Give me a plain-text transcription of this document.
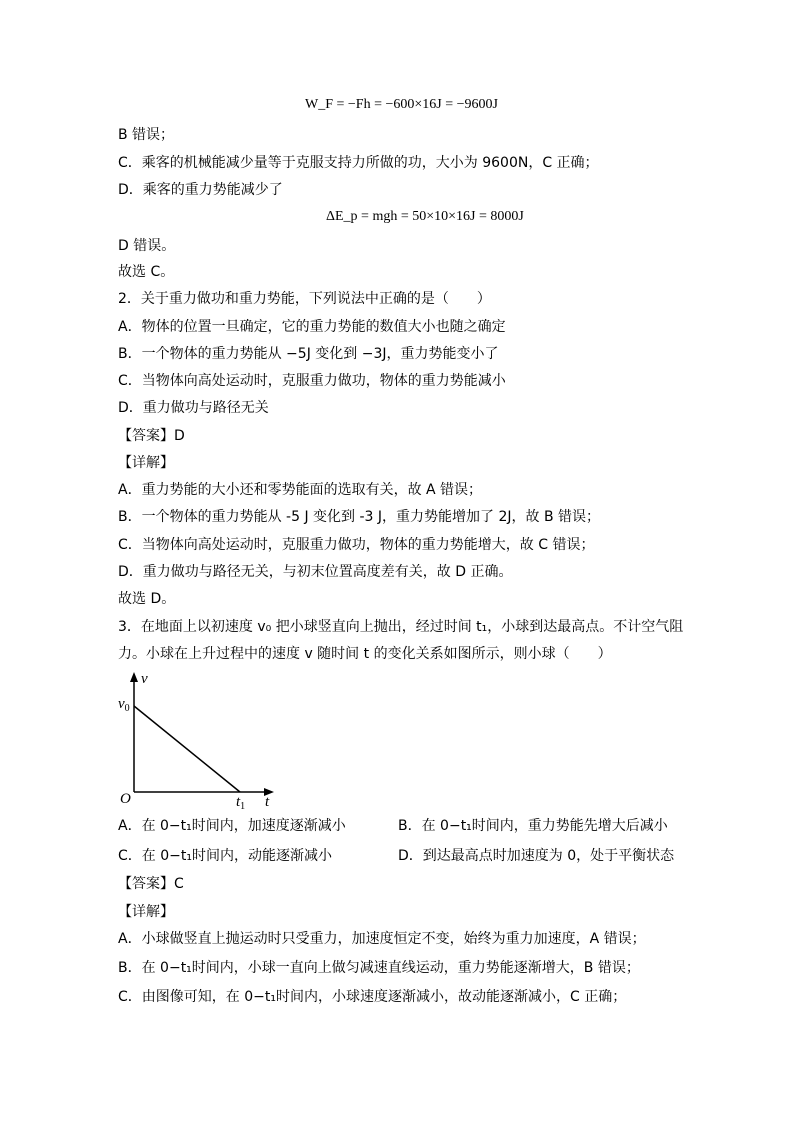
W_F = −Fh = −600×16J = −9600J
B 错误；
C．乘客的机械能减少量等于克服支持力所做的功，大小为 9600N，C 正确；
D．乘客的重力势能减少了
ΔE_p = mgh = 50×10×16J = 8000J
D 错误。
故选 C。
2．关于重力做功和重力势能，下列说法中正确的是（　　）
A．物体的位置一旦确定，它的重力势能的数值大小也随之确定
B．一个物体的重力势能从 −5J 变化到 −3J，重力势能变小了
C．当物体向高处运动时，克服重力做功，物体的重力势能减小
D．重力做功与路径无关
【答案】D
【详解】
A．重力势能的大小还和零势能面的选取有关，故 A 错误；
B．一个物体的重力势能从 -5 J 变化到 -3 J，重力势能增加了 2J，故 B 错误；
C．当物体向高处运动时，克服重力做功，物体的重力势能增大，故 C 错误；
D．重力做功与路径无关，与初末位置高度差有关，故 D 正确。
故选 D。
3．在地面上以初速度 v₀ 把小球竖直向上抛出，经过时间 t₁，小球到达最高点。不计空气阻
力。小球在上升过程中的速度 v 随时间 t 的变化关系如图所示，则小球（　　）
v
$v_0$
O	$t_1$ t
A．在 0−t₁时间内，加速度逐渐减小	B．在 0−t₁时间内，重力势能先增大后减小
C．在 0−t₁时间内，动能逐渐减小	D．到达最高点时加速度为 0，处于平衡状态
【答案】C
【详解】
A．小球做竖直上抛运动时只受重力，加速度恒定不变，始终为重力加速度，A 错误；
B．在 0−t₁时间内，小球一直向上做匀减速直线运动，重力势能逐渐增大，B 错误；
C．由图像可知，在 0−t₁时间内，小球速度逐渐减小，故动能逐渐减小，C 正确；
